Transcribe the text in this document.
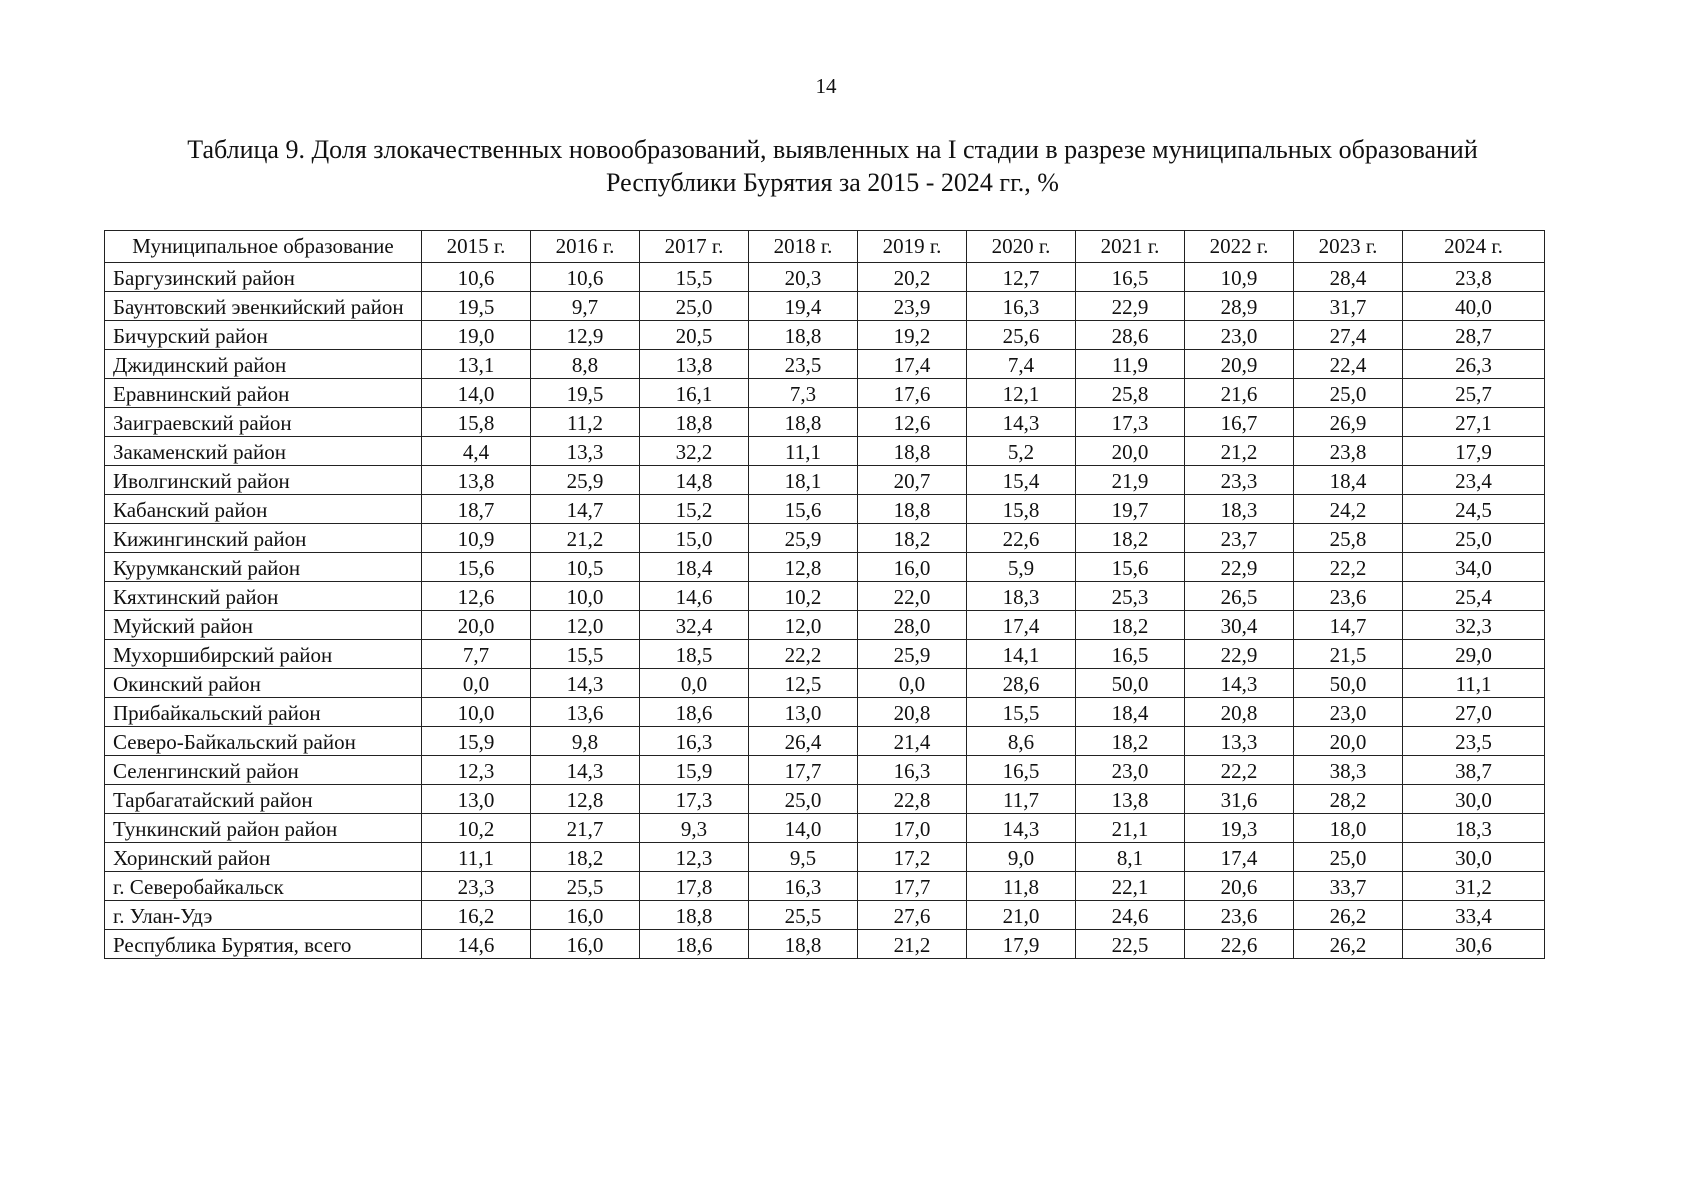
14
Таблица 9. Доля злокачественных новообразований, выявленных на I стадии в разрезе муниципальных образований
Республики Бурятия за 2015 - 2024 гг., %
Муниципальное образование	2015 г.	2016 г.	2017 г.	2018 г.	2019 г.	2020 г.	2021 г.	2022 г.	2023 г.	2024 г.
Баргузинский район	10,6	10,6	15,5	20,3	20,2	12,7	16,5	10,9	28,4	23,8
Баунтовский эвенкийский район	19,5	9,7	25,0	19,4	23,9	16,3	22,9	28,9	31,7	40,0
Бичурский район	19,0	12,9	20,5	18,8	19,2	25,6	28,6	23,0	27,4	28,7
Джидинский район	13,1	8,8	13,8	23,5	17,4	7,4	11,9	20,9	22,4	26,3
Еравнинский район	14,0	19,5	16,1	7,3	17,6	12,1	25,8	21,6	25,0	25,7
Заиграевский район	15,8	11,2	18,8	18,8	12,6	14,3	17,3	16,7	26,9	27,1
Закаменский район	4,4	13,3	32,2	11,1	18,8	5,2	20,0	21,2	23,8	17,9
Иволгинский район	13,8	25,9	14,8	18,1	20,7	15,4	21,9	23,3	18,4	23,4
Кабанский район	18,7	14,7	15,2	15,6	18,8	15,8	19,7	18,3	24,2	24,5
Кижингинский район	10,9	21,2	15,0	25,9	18,2	22,6	18,2	23,7	25,8	25,0
Курумканский район	15,6	10,5	18,4	12,8	16,0	5,9	15,6	22,9	22,2	34,0
Кяхтинский район	12,6	10,0	14,6	10,2	22,0	18,3	25,3	26,5	23,6	25,4
Муйский район	20,0	12,0	32,4	12,0	28,0	17,4	18,2	30,4	14,7	32,3
Мухоршибирский район	7,7	15,5	18,5	22,2	25,9	14,1	16,5	22,9	21,5	29,0
Окинский район	0,0	14,3	0,0	12,5	0,0	28,6	50,0	14,3	50,0	11,1
Прибайкальский район	10,0	13,6	18,6	13,0	20,8	15,5	18,4	20,8	23,0	27,0
Северо-Байкальский район	15,9	9,8	16,3	26,4	21,4	8,6	18,2	13,3	20,0	23,5
Селенгинский район	12,3	14,3	15,9	17,7	16,3	16,5	23,0	22,2	38,3	38,7
Тарбагатайский район	13,0	12,8	17,3	25,0	22,8	11,7	13,8	31,6	28,2	30,0
Тункинский район район	10,2	21,7	9,3	14,0	17,0	14,3	21,1	19,3	18,0	18,3
Хоринский район	11,1	18,2	12,3	9,5	17,2	9,0	8,1	17,4	25,0	30,0
г. Северобайкальск	23,3	25,5	17,8	16,3	17,7	11,8	22,1	20,6	33,7	31,2
г. Улан-Удэ	16,2	16,0	18,8	25,5	27,6	21,0	24,6	23,6	26,2	33,4
Республика Бурятия, всего	14,6	16,0	18,6	18,8	21,2	17,9	22,5	22,6	26,2	30,6
